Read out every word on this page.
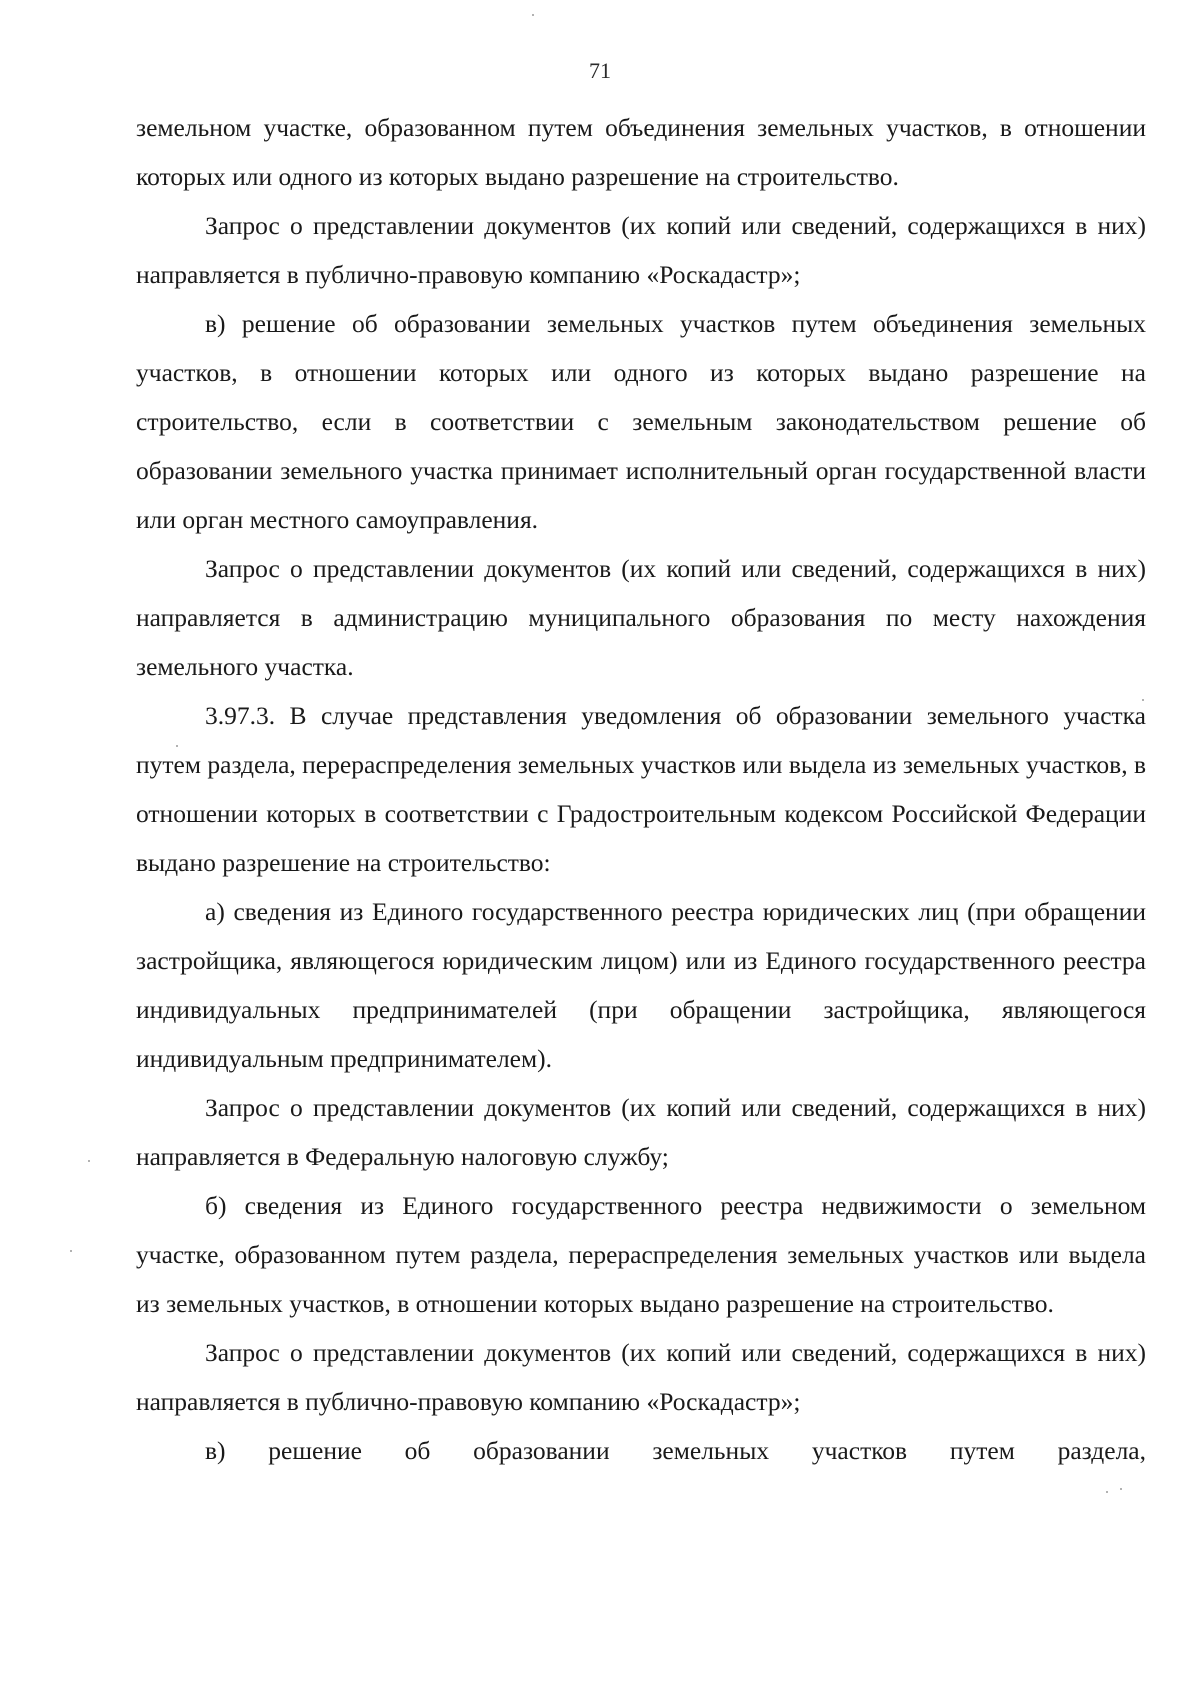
71

земельном участке, образованном путем объединения земельных участков, в отношении которых или одного из которых выдано разрешение на строительство.

Запрос о представлении документов (их копий или сведений, содержащихся в них) направляется в публично-правовую компанию «Роскадастр»;

в) решение об образовании земельных участков путем объединения земельных участков, в отношении которых или одного из которых выдано разрешение на строительство, если в соответствии с земельным законодательством решение об образовании земельного участка принимает исполнительный орган государственной власти или орган местного самоуправления.

Запрос о представлении документов (их копий или сведений, содержащихся в них) направляется в администрацию муниципального образования по месту нахождения земельного участка.

3.97.3. В случае представления уведомления об образовании земельного участка путем раздела, перераспределения земельных участков или выдела из земельных участков, в отношении которых в соответствии с Градостроительным кодексом Российской Федерации выдано разрешение на строительство:

а) сведения из Единого государственного реестра юридических лиц (при обращении застройщика, являющегося юридическим лицом) или из Единого государственного реестра индивидуальных предпринимателей (при обращении застройщика, являющегося индивидуальным предпринимателем).

Запрос о представлении документов (их копий или сведений, содержащихся в них) направляется в Федеральную налоговую службу;

б) сведения из Единого государственного реестра недвижимости о земельном участке, образованном путем раздела, перераспределения земельных участков или выдела из земельных участков, в отношении которых выдано разрешение на строительство.

Запрос о представлении документов (их копий или сведений, содержащихся в них) направляется в публично-правовую компанию «Роскадастр»;

в) решение об образовании земельных участков путем раздела,
